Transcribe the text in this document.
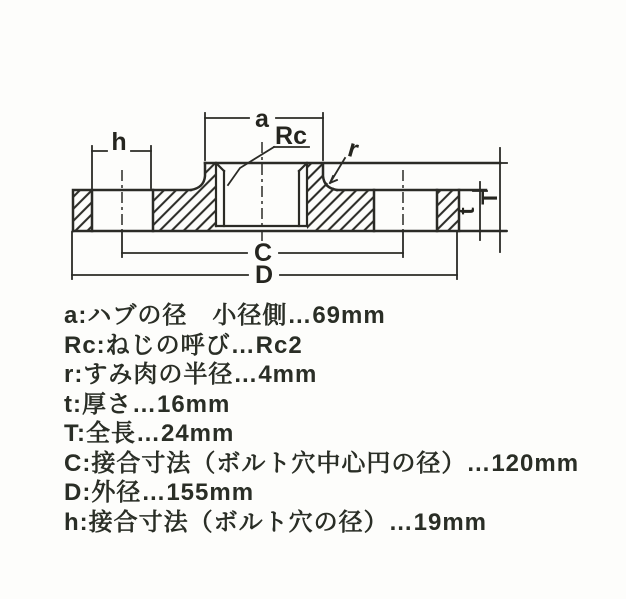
a
Rc r
h
C
D
t
T
a:ハブの径　小径側…69mm
Rc:ねじの呼び…Rc2
r:すみ肉の半径…4mm
t:厚さ…16mm
T:全長…24mm
C:接合寸法（ボルト穴中心円の径）…120mm
D:外径…155mm
h:接合寸法（ボルト穴の径）…19mm
